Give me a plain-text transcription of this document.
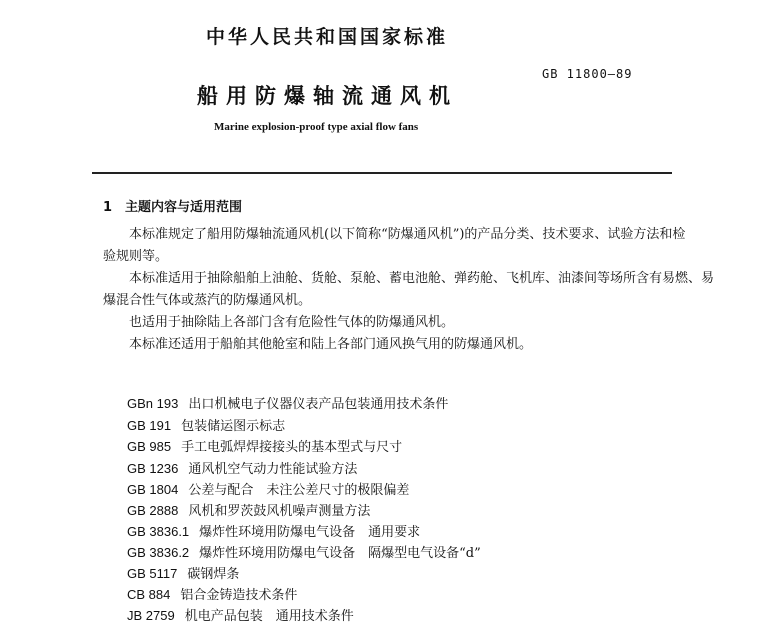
中华人民共和国国家标准
GB 11800—89
船用防爆轴流通风机
Marine explosion-proof type axial flow fans
1　主题内容与适用范围
本标准规定了船用防爆轴流通风机(以下简称“防爆通风机”)的产品分类、技术要求、试验方法和检
验规则等。
本标准适用于抽除船舶上油舱、货舱、泵舱、蓄电池舱、弹药舱、飞机库、油漆间等场所含有易燃、易
爆混合性气体或蒸汽的防爆通风机。
也适用于抽除陆上各部门含有危险性气体的防爆通风机。
本标准还适用于船舶其他舱室和陆上各部门通风换气用的防爆通风机。
GBn 193 出口机械电子仪器仪表产品包装通用技术条件
GB 191 包装储运图示标志
GB 985 手工电弧焊焊接接头的基本型式与尺寸
GB 1236 通风机空气动力性能试验方法
GB 1804 公差与配合　未注公差尺寸的极限偏差
GB 2888 风机和罗茨鼓风机噪声测量方法
GB 3836.1 爆炸性环境用防爆电气设备　通用要求
GB 3836.2 爆炸性环境用防爆电气设备　隔爆型电气设备“d”
GB 5117 碳钢焊条
CB 884 铝合金铸造技术条件
JB 2759 机电产品包装　通用技术条件
